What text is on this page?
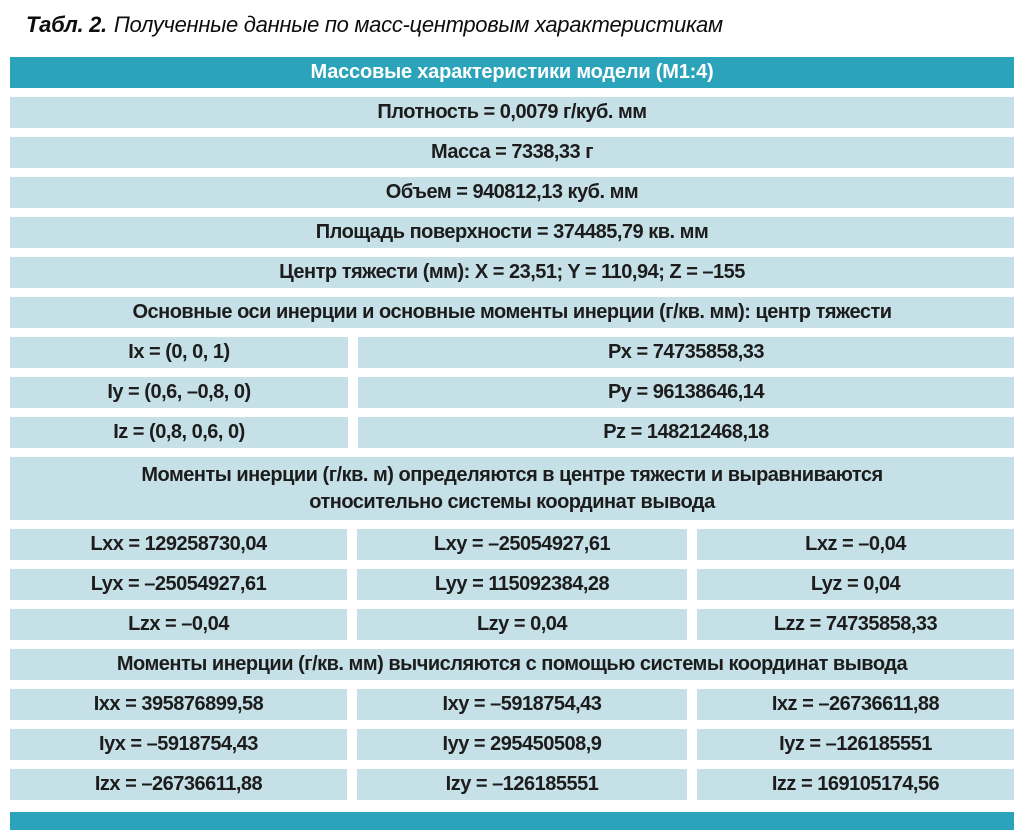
Табл. 2. Полученные данные по масс-центровым характеристикам
Массовые характеристики модели (М1:4)
Плотность = 0,0079 г/куб. мм
Масса = 7338,33 г
Объем = 940812,13 куб. мм
Площадь поверхности = 374485,79 кв. мм
Центр тяжести (мм): X = 23,51; Y = 110,94; Z = –155
Основные оси инерции и основные моменты инерции (г/кв. мм): центр тяжести
Ix = (0, 0, 1)	Px = 74735858,33
Iy = (0,6, –0,8, 0)	Py = 96138646,14
Iz = (0,8, 0,6, 0)	Pz = 148212468,18
Моменты инерции (г/кв. м) определяются в центре тяжести и выравниваются
относительно системы координат вывода
Lxx = 129258730,04	Lxy = –25054927,61	Lxz = –0,04
Lyx = –25054927,61	Lyy = 115092384,28	Lyz = 0,04
Lzx = –0,04	Lzy = 0,04	Lzz = 74735858,33
Моменты инерции (г/кв. мм) вычисляются с помощью системы координат вывода
Ixx = 395876899,58	Ixy = –5918754,43	Ixz = –26736611,88
Iyx = –5918754,43	Iyy = 295450508,9	Iyz = –126185551
Izx = –26736611,88	Izy = –126185551	Izz = 169105174,56
